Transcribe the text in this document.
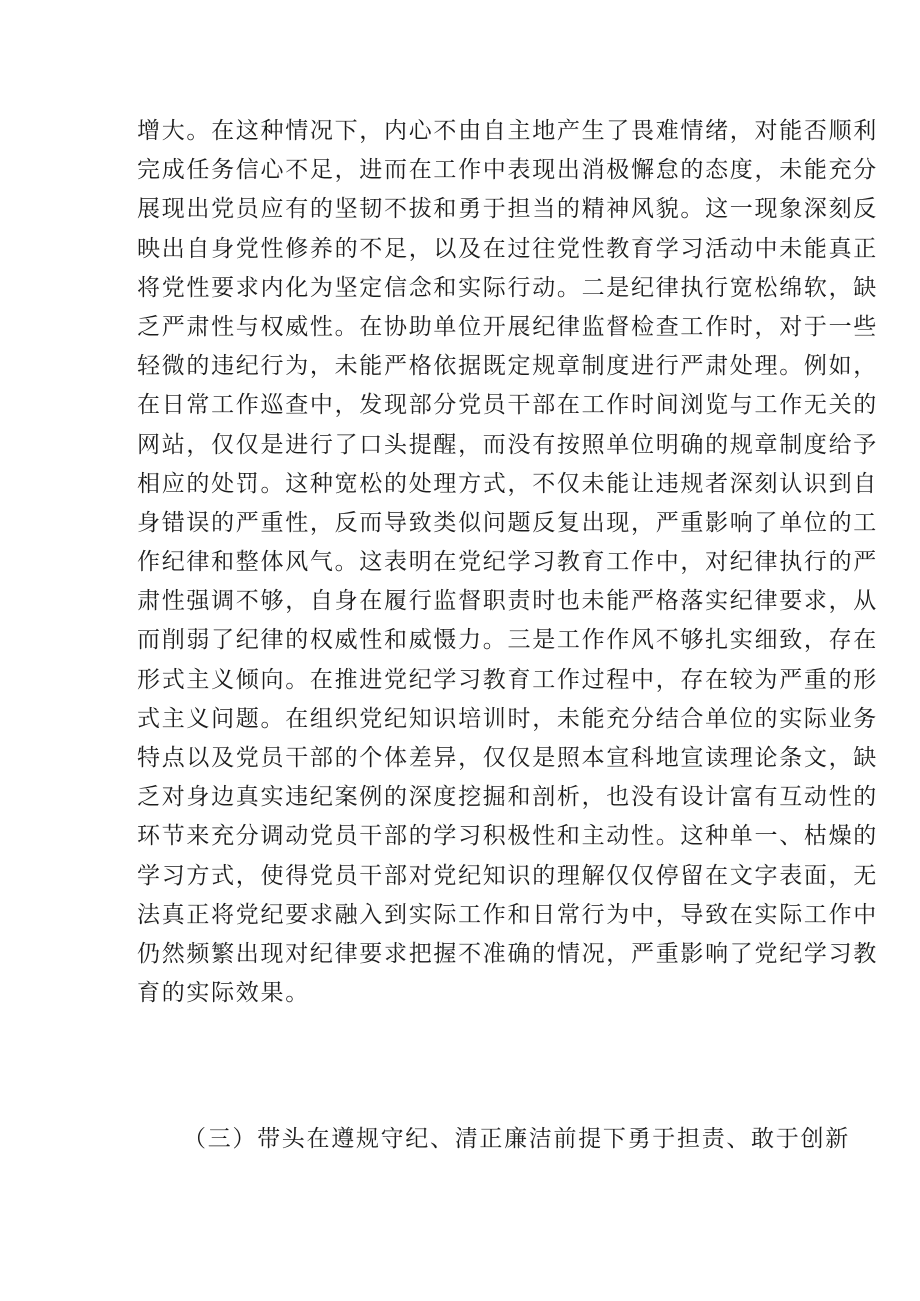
增大。在这种情况下，内心不由自主地产生了畏难情绪，对能否顺利
完成任务信心不足，进而在工作中表现出消极懈怠的态度，未能充分
展现出党员应有的坚韧不拔和勇于担当的精神风貌。这一现象深刻反
映出自身党性修养的不足，以及在过往党性教育学习活动中未能真正
将党性要求内化为坚定信念和实际行动。二是纪律执行宽松绵软，缺
乏严肃性与权威性。在协助单位开展纪律监督检查工作时，对于一些
轻微的违纪行为，未能严格依据既定规章制度进行严肃处理。例如，
在日常工作巡查中，发现部分党员干部在工作时间浏览与工作无关的
网站，仅仅是进行了口头提醒，而没有按照单位明确的规章制度给予
相应的处罚。这种宽松的处理方式，不仅未能让违规者深刻认识到自
身错误的严重性，反而导致类似问题反复出现，严重影响了单位的工
作纪律和整体风气。这表明在党纪学习教育工作中，对纪律执行的严
肃性强调不够，自身在履行监督职责时也未能严格落实纪律要求，从
而削弱了纪律的权威性和威慑力。三是工作作风不够扎实细致，存在
形式主义倾向。在推进党纪学习教育工作过程中，存在较为严重的形
式主义问题。在组织党纪知识培训时，未能充分结合单位的实际业务
特点以及党员干部的个体差异，仅仅是照本宣科地宣读理论条文，缺
乏对身边真实违纪案例的深度挖掘和剖析，也没有设计富有互动性的
环节来充分调动党员干部的学习积极性和主动性。这种单一、枯燥的
学习方式，使得党员干部对党纪知识的理解仅仅停留在文字表面，无
法真正将党纪要求融入到实际工作和日常行为中，导致在实际工作中
仍然频繁出现对纪律要求把握不准确的情况，严重影响了党纪学习教
育的实际效果。
（三）带头在遵规守纪、清正廉洁前提下勇于担责、敢于创新
